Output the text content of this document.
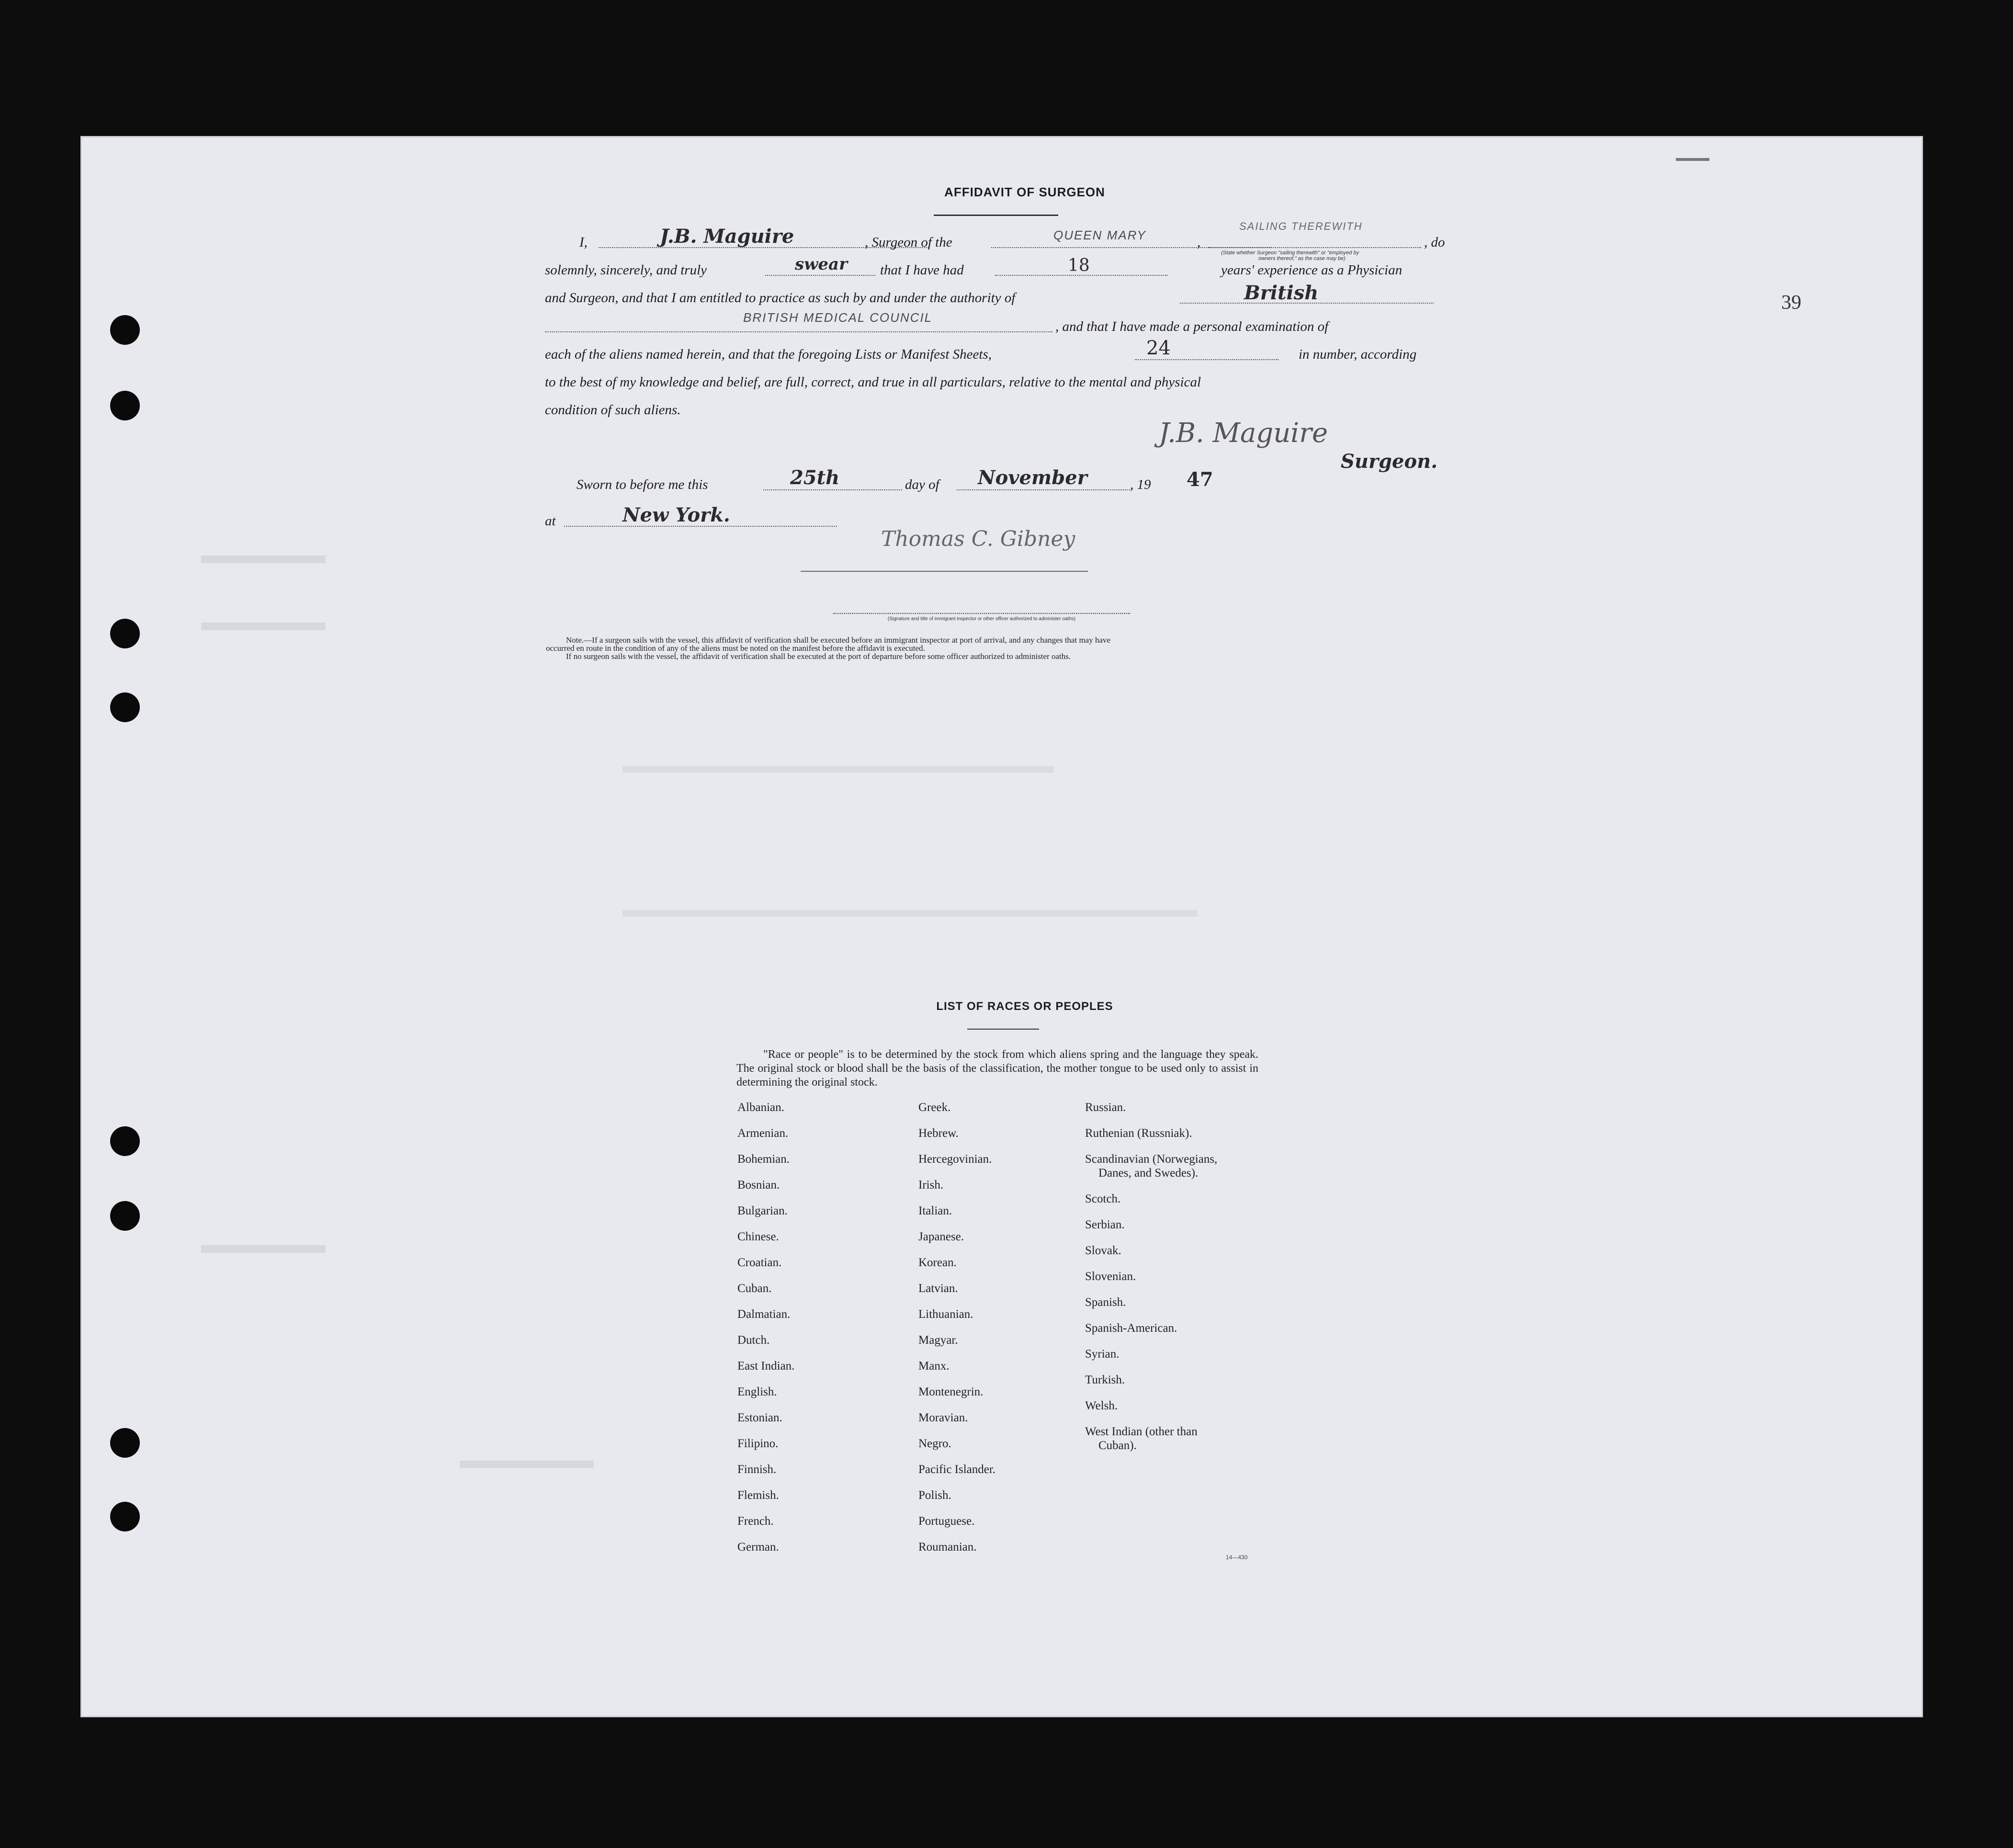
39
AFFIDAVIT OF SURGEON
I,	J.B. Maguire	, Surgeon of the	QUEEN MARY	,
SAILING THEREWITH
, do
(State whether Surgeon "sailing therewith" or "employed by
owners thereof," as the case may be)
solemnly, sincerely, and truly	swear that I have had	18	years' experience as a Physician
and Surgeon, and that I am entitled to practice as such by and under the authority of	British
BRITISH MEDICAL COUNCIL
, and that I have made a personal examination of
each of the aliens named herein, and that the foregoing Lists or Manifest Sheets,	24	in number, according
to the best of my knowledge and belief, are full, correct, and true in all particulars, relative to the mental and physical
condition of such aliens.
J.B. Maguire
Surgeon.
Sworn to before me this	25th	day of November	, 19 47
at	New York.
Thomas C. Gibney
(Signature and title of immigrant inspector or other officer authorized to administer oaths)
Note.—If a surgeon sails with the vessel, this affidavit of verification shall be executed before an immigrant inspector at port of arrival, and any changes that may have
occurred en route in the condition of any of the aliens must be noted on the manifest before the affidavit is executed.
If no surgeon sails with the vessel, the affidavit of verification shall be executed at the port of departure before some officer authorized to administer oaths.
LIST OF RACES OR PEOPLES
"Race or people" is to be determined by the stock from which aliens spring and the language they speak. The original stock or blood shall be the basis of the classification, the mother tongue to be used only to assist in determining the original stock.
Albanian.
Armenian.
Bohemian.
Bosnian.
Bulgarian.
Chinese.
Croatian.
Cuban.
Dalmatian.
Dutch.
East Indian.
English.
Estonian.
Filipino.
Finnish.
Flemish.
French.
German.
Greek.
Hebrew.
Hercegovinian.
Irish.
Italian.
Japanese.
Korean.
Latvian.
Lithuanian.
Magyar.
Manx.
Montenegrin.
Moravian.
Negro.
Pacific Islander.
Polish.
Portuguese.
Roumanian.
Russian.
Ruthenian (Russniak).
Scandinavian (Norwegians,
Danes, and Swedes).
Scotch.
Serbian.
Slovak.
Slovenian.
Spanish.
Spanish-American.
Syrian.
Turkish.
Welsh.
West Indian (other than
Cuban).
14—430
